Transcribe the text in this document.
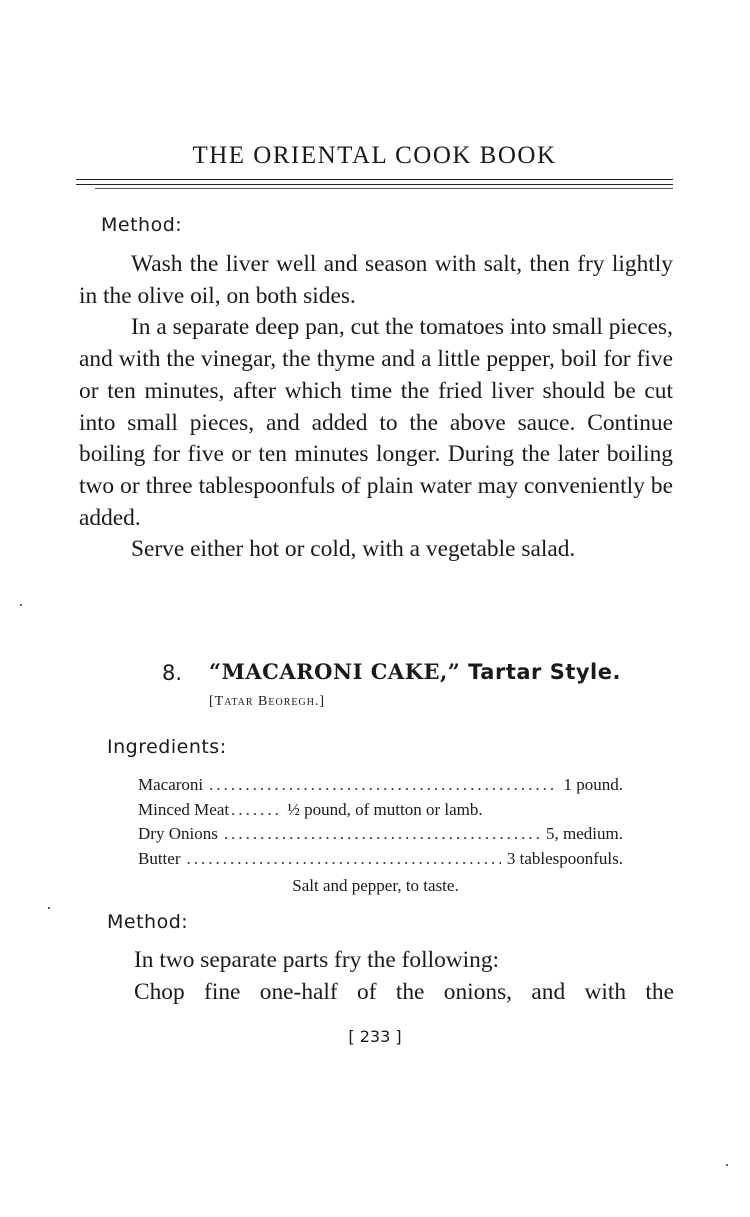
THE ORIENTAL COOK BOOK
Method:

Wash the liver well and season with salt, then fry lightly in the olive oil, on both sides.

In a separate deep pan, cut the tomatoes into small pieces, and with the vinegar, the thyme and a little pepper, boil for five or ten minutes, after which time the fried liver should be cut into small pieces, and added to the above sauce. Continue boiling for five or ten minutes longer. During the later boiling two or three tablespoonfuls of plain water may conveniently be added.

Serve either hot or cold, with a vegetable salad.

8. “MACARONI CAKE,” Tartar Style.
[Tatar Beoregh.]
Ingredients:
Macaroni .....	1 pound.
Minced Meat .....	½ pound, of mutton or lamb.
Dry Onions .....	5, medium.
Butter .....	3 tablespoonfuls.
Salt and pepper, to taste.
Method:

In two separate parts fry the following:

Chop fine one-half of the onions, and with the

[ 233 ]
